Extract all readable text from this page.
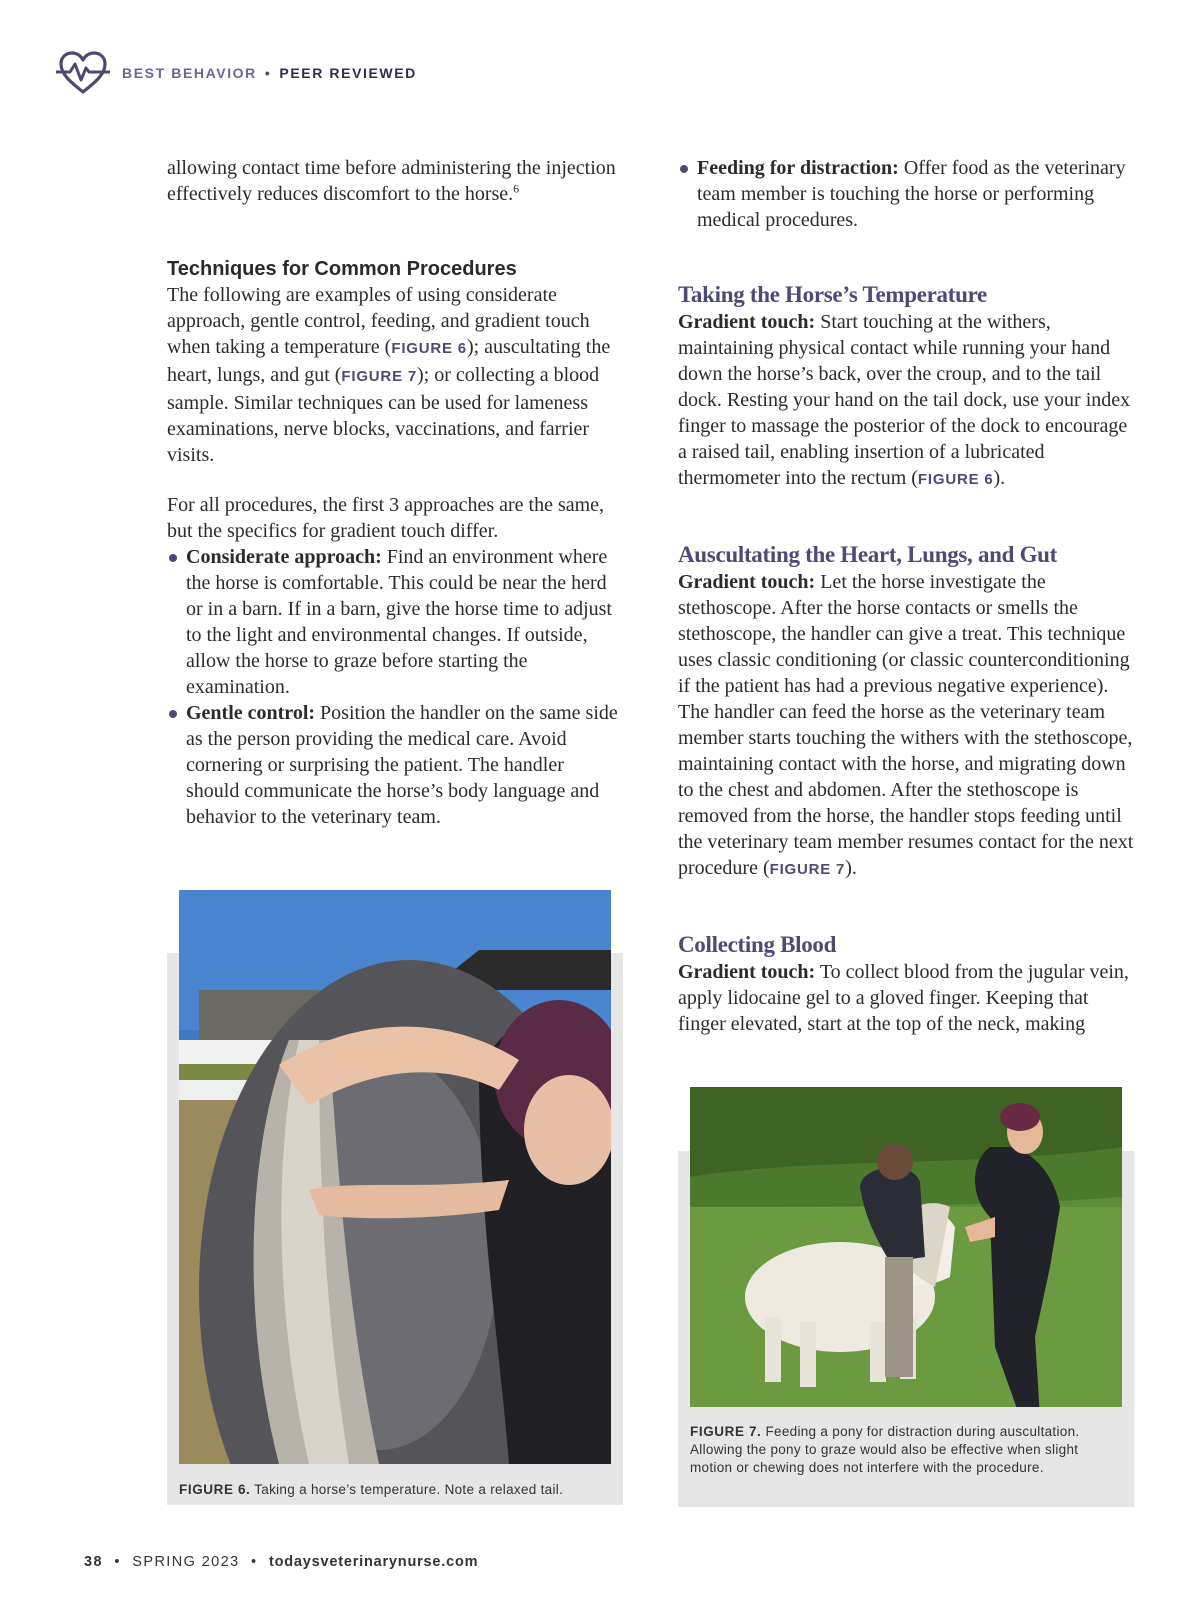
BEST BEHAVIOR • PEER REVIEWED

allowing contact time before administering the injection effectively reduces discomfort to the horse.$^6$

Techniques for Common Procedures

The following are examples of using considerate approach, gentle control, feeding, and gradient touch when taking a temperature (FIGURE 6); auscultating the heart, lungs, and gut (FIGURE 7); or collecting a blood sample. Similar techniques can be used for lameness examinations, nerve blocks, vaccinations, and farrier visits.

For all procedures, the first 3 approaches are the same, but the specifics for gradient touch differ.

Considerate approach: Find an environment where the horse is comfortable. This could be near the herd or in a barn. If in a barn, give the horse time to adjust to the light and environmental changes. If outside, allow the horse to graze before starting the examination.
Gentle control: Position the handler on the same side as the person providing the medical care. Avoid cornering or surprising the patient. The handler should communicate the horse’s body language and behavior to the veterinary team.
Feeding for distraction: Offer food as the veterinary team member is touching the horse or performing medical procedures.

Taking the Horse’s Temperature

Gradient touch: Start touching at the withers, maintaining physical contact while running your hand down the horse’s back, over the croup, and to the tail dock. Resting your hand on the tail dock, use your index finger to massage the posterior of the dock to encourage a raised tail, enabling insertion of a lubricated thermometer into the rectum (FIGURE 6).

Auscultating the Heart, Lungs, and Gut

Gradient touch: Let the horse investigate the stethoscope. After the horse contacts or smells the stethoscope, the handler can give a treat. This technique uses classic conditioning (or classic counterconditioning if the patient has had a previous negative experience). The handler can feed the horse as the veterinary team member starts touching the withers with the stethoscope, maintaining contact with the horse, and migrating down to the chest and abdomen. After the stethoscope is removed from the horse, the handler stops feeding until the veterinary team member resumes contact for the next procedure (FIGURE 7).

Collecting Blood

Gradient touch: To collect blood from the jugular vein, apply lidocaine gel to a gloved finger. Keeping that finger elevated, start at the top of the neck, making

FIGURE 6. Taking a horse’s temperature. Note a relaxed tail.
FIGURE 7. Feeding a pony for distraction during auscultation. Allowing the pony to graze would also be effective when slight motion or chewing does not interfere with the procedure.
38 • SPRING 2023 • todaysveterinarynurse.com
